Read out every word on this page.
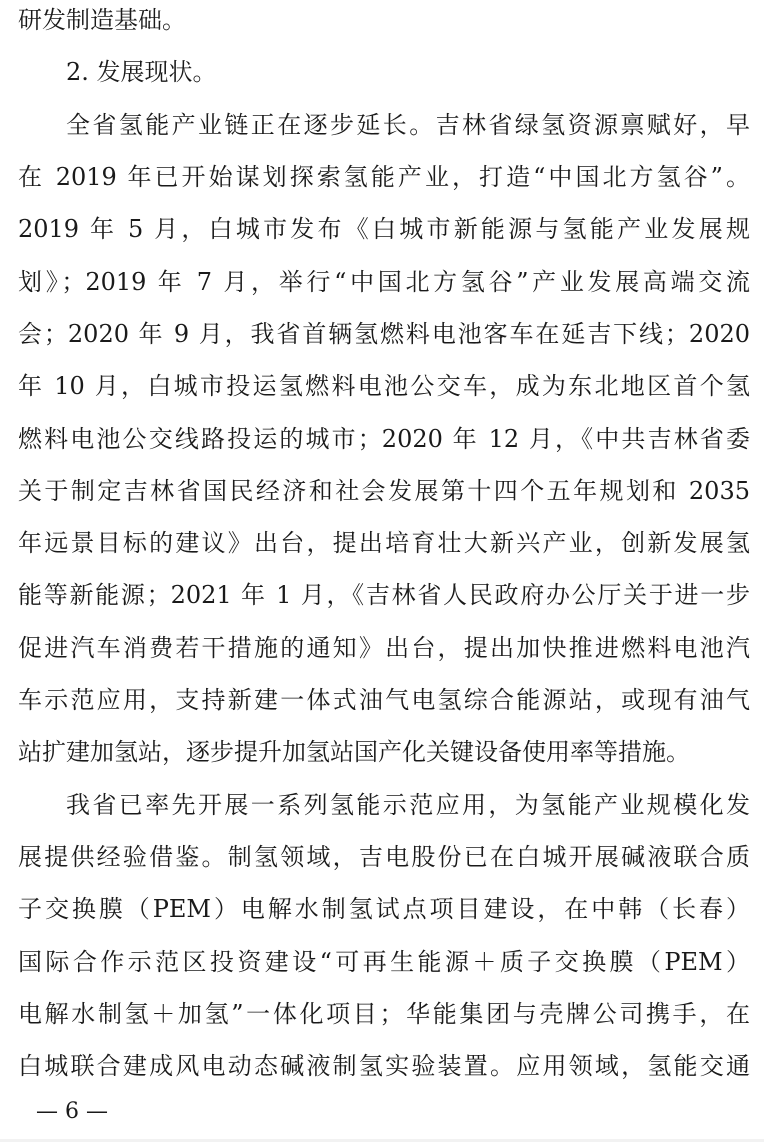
研发制造基础。
2. 发展现状。
全省氢能产业链正在逐步延长。吉林省绿氢资源禀赋好，早
在 2019 年已开始谋划探索氢能产业，打造“中国北方氢谷”。
2019 年 5 月，白城市发布《白城市新能源与氢能产业发展规
划》；2019 年 7 月，举行“中国北方氢谷”产业发展高端交流
会；2020 年 9 月，我省首辆氢燃料电池客车在延吉下线；2020
年 10 月，白城市投运氢燃料电池公交车，成为东北地区首个氢
燃料电池公交线路投运的城市；2020 年 12 月，《中共吉林省委
关于制定吉林省国民经济和社会发展第十四个五年规划和 2035
年远景目标的建议》出台，提出培育壮大新兴产业，创新发展氢
能等新能源；2021 年 1 月，《吉林省人民政府办公厅关于进一步
促进汽车消费若干措施的通知》出台，提出加快推进燃料电池汽
车示范应用，支持新建一体式油气电氢综合能源站，或现有油气
站扩建加氢站，逐步提升加氢站国产化关键设备使用率等措施。
我省已率先开展一系列氢能示范应用，为氢能产业规模化发
展提供经验借鉴。制氢领域，吉电股份已在白城开展碱液联合质
子交换膜（PEM）电解水制氢试点项目建设，在中韩（长春）
国际合作示范区投资建设“可再生能源＋质子交换膜（PEM）
电解水制氢＋加氢”一体化项目；华能集团与壳牌公司携手，在
白城联合建成风电动态碱液制氢实验装置。应用领域，氢能交通
— 6 —
